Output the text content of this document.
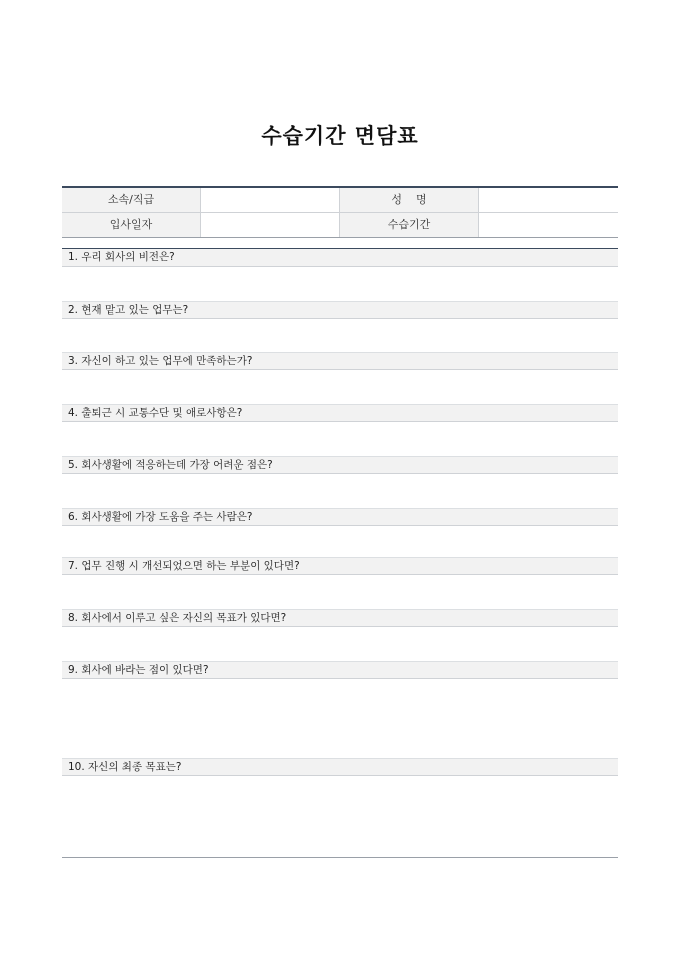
수습기간 면담표
소속/직급	성    명
입사일자	수습기간
1. 우리 회사의 비전은?
2. 현재 맡고 있는 업무는?
3. 자신이 하고 있는 업무에 만족하는가?
4. 출퇴근 시 교통수단 및 애로사항은?
5. 회사생활에 적응하는데 가장 어려운 점은?
6. 회사생활에 가장 도움을 주는 사람은?
7. 업무 진행 시 개선되었으면 하는 부분이 있다면?
8. 회사에서 이루고 싶은 자신의 목표가 있다면?
9. 회사에 바라는 점이 있다면?
10. 자신의 최종 목표는?
